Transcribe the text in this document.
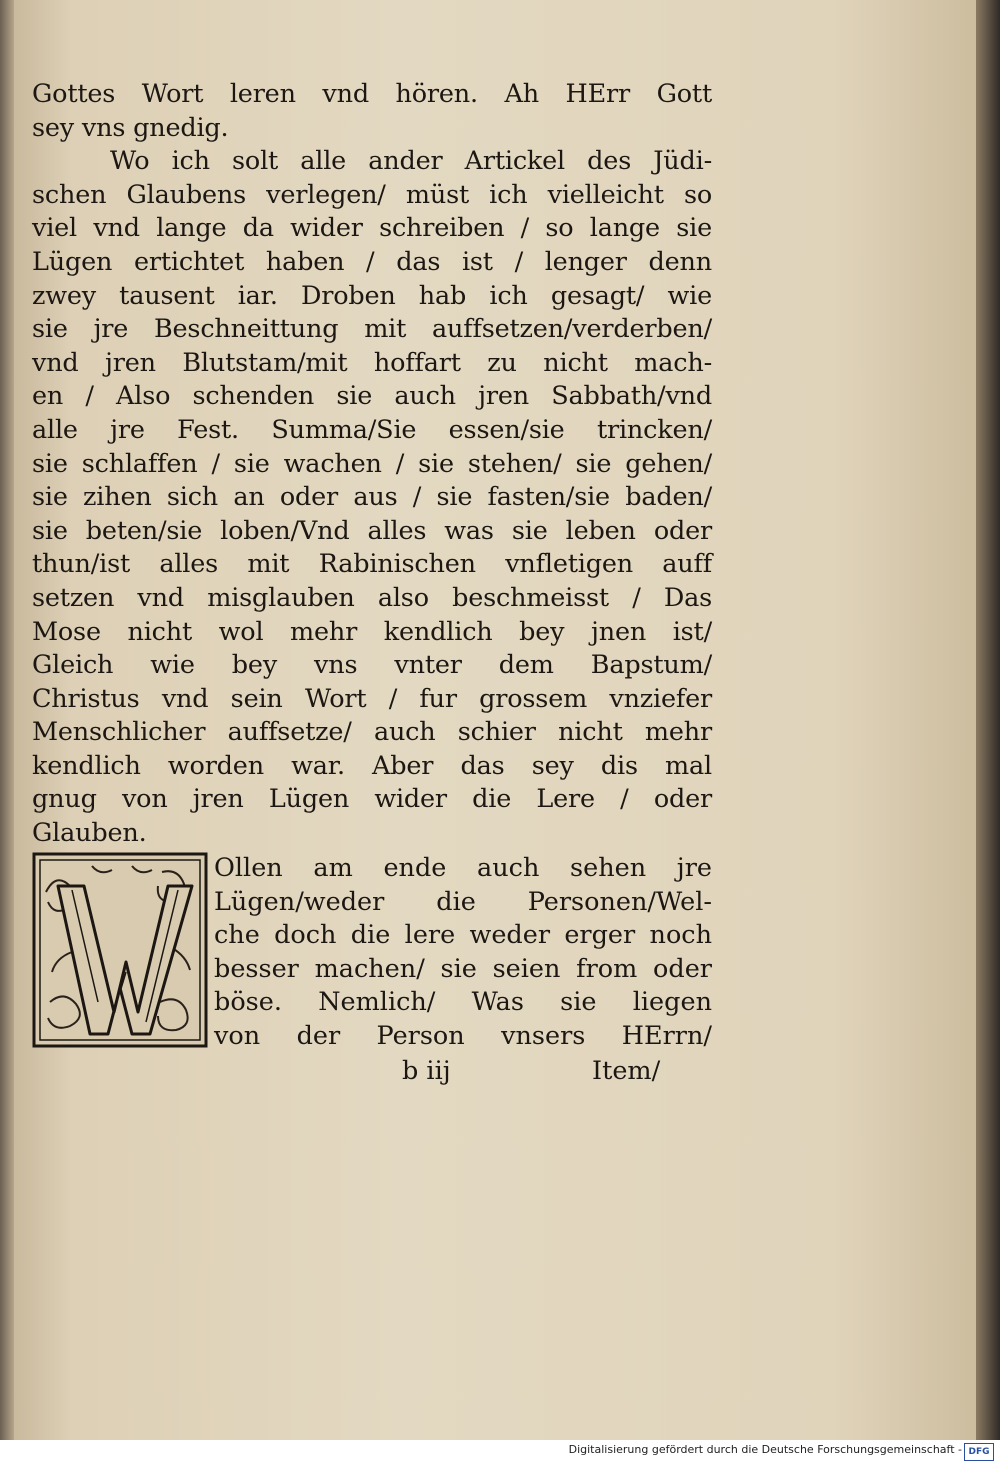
Gottes Wort leren vnd hören. Ah HErr Gott
sey vns gnedig.
Wo ich solt alle ander Artickel des Jüdi-
schen Glaubens verlegen/ müst ich vielleicht so
viel vnd lange da wider schreiben / so lange sie
Lügen ertichtet haben / das ist / lenger denn
zwey tausent iar. Droben hab ich gesagt/ wie
sie jre Beschneittung mit auffsetzen/verderben/
vnd jren Blutstam/mit hoffart zu nicht mach-
en / Also schenden sie auch jren Sabbath/vnd
alle jre Fest. Summa/Sie essen/sie trincken/
sie schlaffen / sie wachen / sie stehen/ sie gehen/
sie zihen sich an oder aus / sie fasten/sie baden/
sie beten/sie loben/Vnd alles was sie leben oder
thun/ist alles mit Rabinischen vnfletigen auff
setzen vnd misglauben also beschmeisst / Das
Mose nicht wol mehr kendlich bey jnen ist/
Gleich wie bey vns vnter dem Bapstum/
Christus vnd sein Wort / fur grossem vnziefer
Menschlicher auffsetze/ auch schier nicht mehr
kendlich worden war. Aber das sey dis mal
gnug von jren Lügen wider die Lere / oder
Glauben.
Ollen am ende auch sehen jre
Lügen/weder die Personen/Wel-
che doch die lere weder erger noch
besser machen/ sie seien from oder
böse. Nemlich/ Was sie liegen
von der Person vnsers HErrn/
b iij	Item/
Digitalisierung gefördert durch die Deutsche Forschungsgemeinschaft - DFG
